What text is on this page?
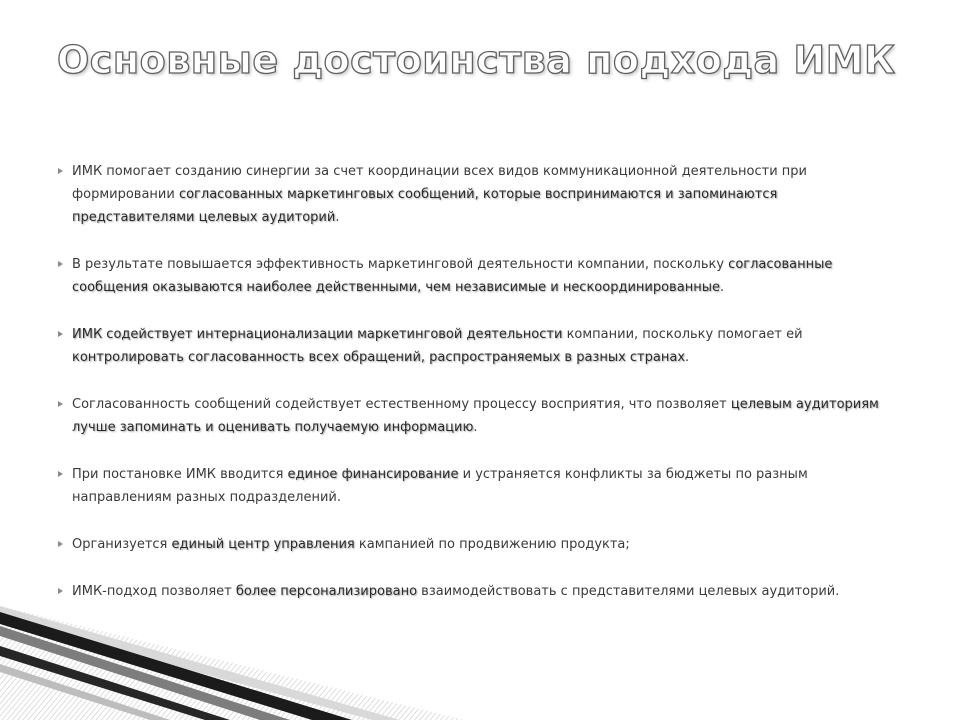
Основные достоинства подхода ИМК
ИМК помогает созданию синергии за счет координации всех видов коммуникационной деятельности при формировании согласованных маркетинговых сообщений, которые воспринимаются и запоминаются представителями целевых аудиторий.
В результате повышается эффективность маркетинговой деятельности компании, поскольку согласованные сообщения оказываются наиболее действенными, чем независимые и нескоординированные.
ИМК содействует интернационализации маркетинговой деятельности компании, поскольку помогает ей контролировать согласованность всех обращений, распространяемых в разных странах.
Согласованность сообщений содействует естественному процессу восприятия, что позволяет целевым аудиториям лучше запоминать и оценивать получаемую информацию.
При постановке ИМК вводится единое финансирование и устраняется конфликты за бюджеты по разным направлениям разных подразделений.
Организуется единый центр управления кампанией по продвижению продукта;
ИМК-подход позволяет более персонализировано взаимодействовать с представителями целевых аудиторий.
